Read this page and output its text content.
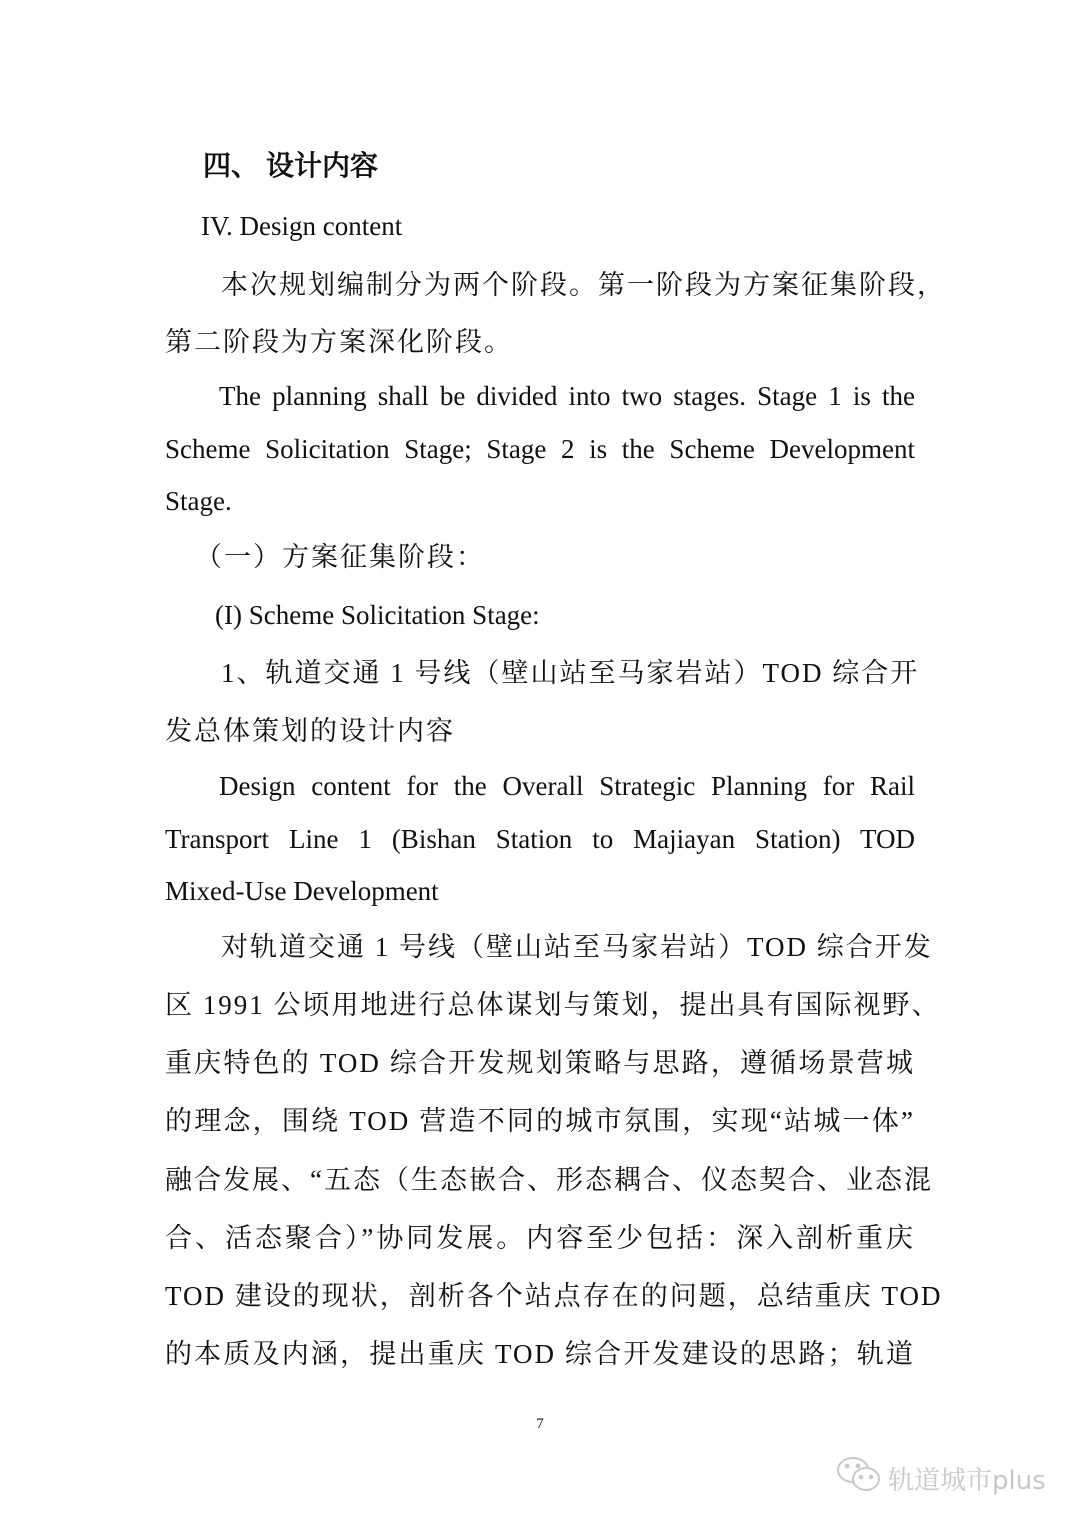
四、 设计内容
IV. Design content
本次规划编制分为两个阶段。第一阶段为方案征集阶段，
第二阶段为方案深化阶段。
The planning shall be divided into two stages. Stage 1 is the
Scheme Solicitation Stage; Stage 2 is the Scheme Development
Stage.
（一）方案征集阶段：
(I) Scheme Solicitation Stage:
1、轨道交通 1 号线（壁山站至马家岩站）TOD 综合开
发总体策划的设计内容
Design content for the Overall Strategic Planning for Rail
Transport Line 1 (Bishan Station to Majiayan Station) TOD
Mixed-Use Development
对轨道交通 1 号线（壁山站至马家岩站）TOD 综合开发
区 1991 公顷用地进行总体谋划与策划，提出具有国际视野、
重庆特色的 TOD 综合开发规划策略与思路，遵循场景营城
的理念，围绕 TOD 营造不同的城市氛围，实现“站城一体”
融合发展、“五态（生态嵌合、形态耦合、仪态契合、业态混
合、活态聚合）”协同发展。内容至少包括：深入剖析重庆
TOD 建设的现状，剖析各个站点存在的问题，总结重庆 TOD
的本质及内涵，提出重庆 TOD 综合开发建设的思路；轨道
7
轨道城市plus
